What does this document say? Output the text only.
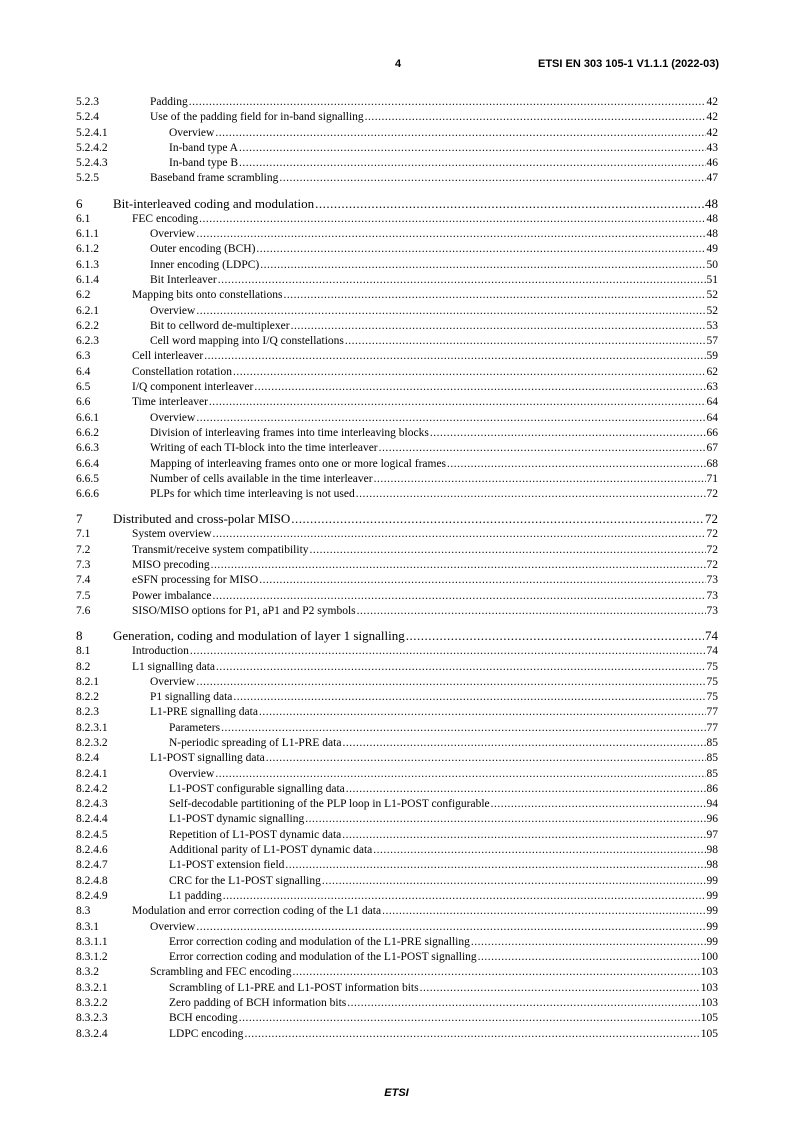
4	ETSI EN 303 105-1 V1.1.1 (2022-03)
5.2.3	Padding .....	42
5.2.4	Use of the padding field for in-band signalling .....	42
5.2.4.1	Overview .....	42
5.2.4.2	In-band type A .....	43
5.2.4.3	In-band type B .....	46
5.2.5	Baseband frame scrambling .....	47
6 Bit-interleaved coding and modulation .....	48
6.1	FEC encoding .....	48
6.1.1	Overview .....	48
6.1.2	Outer encoding (BCH) .....	49
6.1.3	Inner encoding (LDPC) .....	50
6.1.4	Bit Interleaver .....	51
6.2	Mapping bits onto constellations .....	52
6.2.1	Overview .....	52
6.2.2	Bit to cellword de-multiplexer .....	53
6.2.3	Cell word mapping into I/Q constellations .....	57
6.3	Cell interleaver .....	59
6.4	Constellation rotation .....	62
6.5	I/Q component interleaver .....	63
6.6	Time interleaver .....	64
6.6.1	Overview .....	64
6.6.2	Division of interleaving frames into time interleaving blocks .....	66
6.6.3	Writing of each TI-block into the time interleaver .....	67
6.6.4	Mapping of interleaving frames onto one or more logical frames .....	68
6.6.5	Number of cells available in the time interleaver .....	71
6.6.6	PLPs for which time interleaving is not used .....	72
7 Distributed and cross-polar MISO .....	72
7.1	System overview .....	72
7.2	Transmit/receive system compatibility .....	72
7.3	MISO precoding .....	72
7.4	eSFN processing for MISO .....	73
7.5	Power imbalance .....	73
7.6	SISO/MISO options for P1, aP1 and P2 symbols .....	73
8 Generation, coding and modulation of layer 1 signalling .....	74
8.1	Introduction .....	74
8.2	L1 signalling data .....	75
8.2.1	Overview .....	75
8.2.2	P1 signalling data .....	75
8.2.3	L1-PRE signalling data .....	77
8.2.3.1	Parameters .....	77
8.2.3.2	N-periodic spreading of L1-PRE data .....	85
8.2.4	L1-POST signalling data .....	85
8.2.4.1	Overview .....	85
8.2.4.2	L1-POST configurable signalling data .....	86
8.2.4.3	Self-decodable partitioning of the PLP loop in L1-POST configurable .....	94
8.2.4.4	L1-POST dynamic signalling .....	96
8.2.4.5	Repetition of L1-POST dynamic data .....	97
8.2.4.6	Additional parity of L1-POST dynamic data .....	98
8.2.4.7	L1-POST extension field .....	98
8.2.4.8	CRC for the L1-POST signalling .....	99
8.2.4.9	L1 padding .....	99
8.3	Modulation and error correction coding of the L1 data .....	99
8.3.1	Overview .....	99
8.3.1.1	Error correction coding and modulation of the L1-PRE signalling .....	99
8.3.1.2	Error correction coding and modulation of the L1-POST signalling .....	100
8.3.2	Scrambling and FEC encoding .....	103
8.3.2.1	Scrambling of L1-PRE and L1-POST information bits .....	103
8.3.2.2	Zero padding of BCH information bits .....	103
8.3.2.3	BCH encoding .....	105
8.3.2.4	LDPC encoding .....	105
ETSI
